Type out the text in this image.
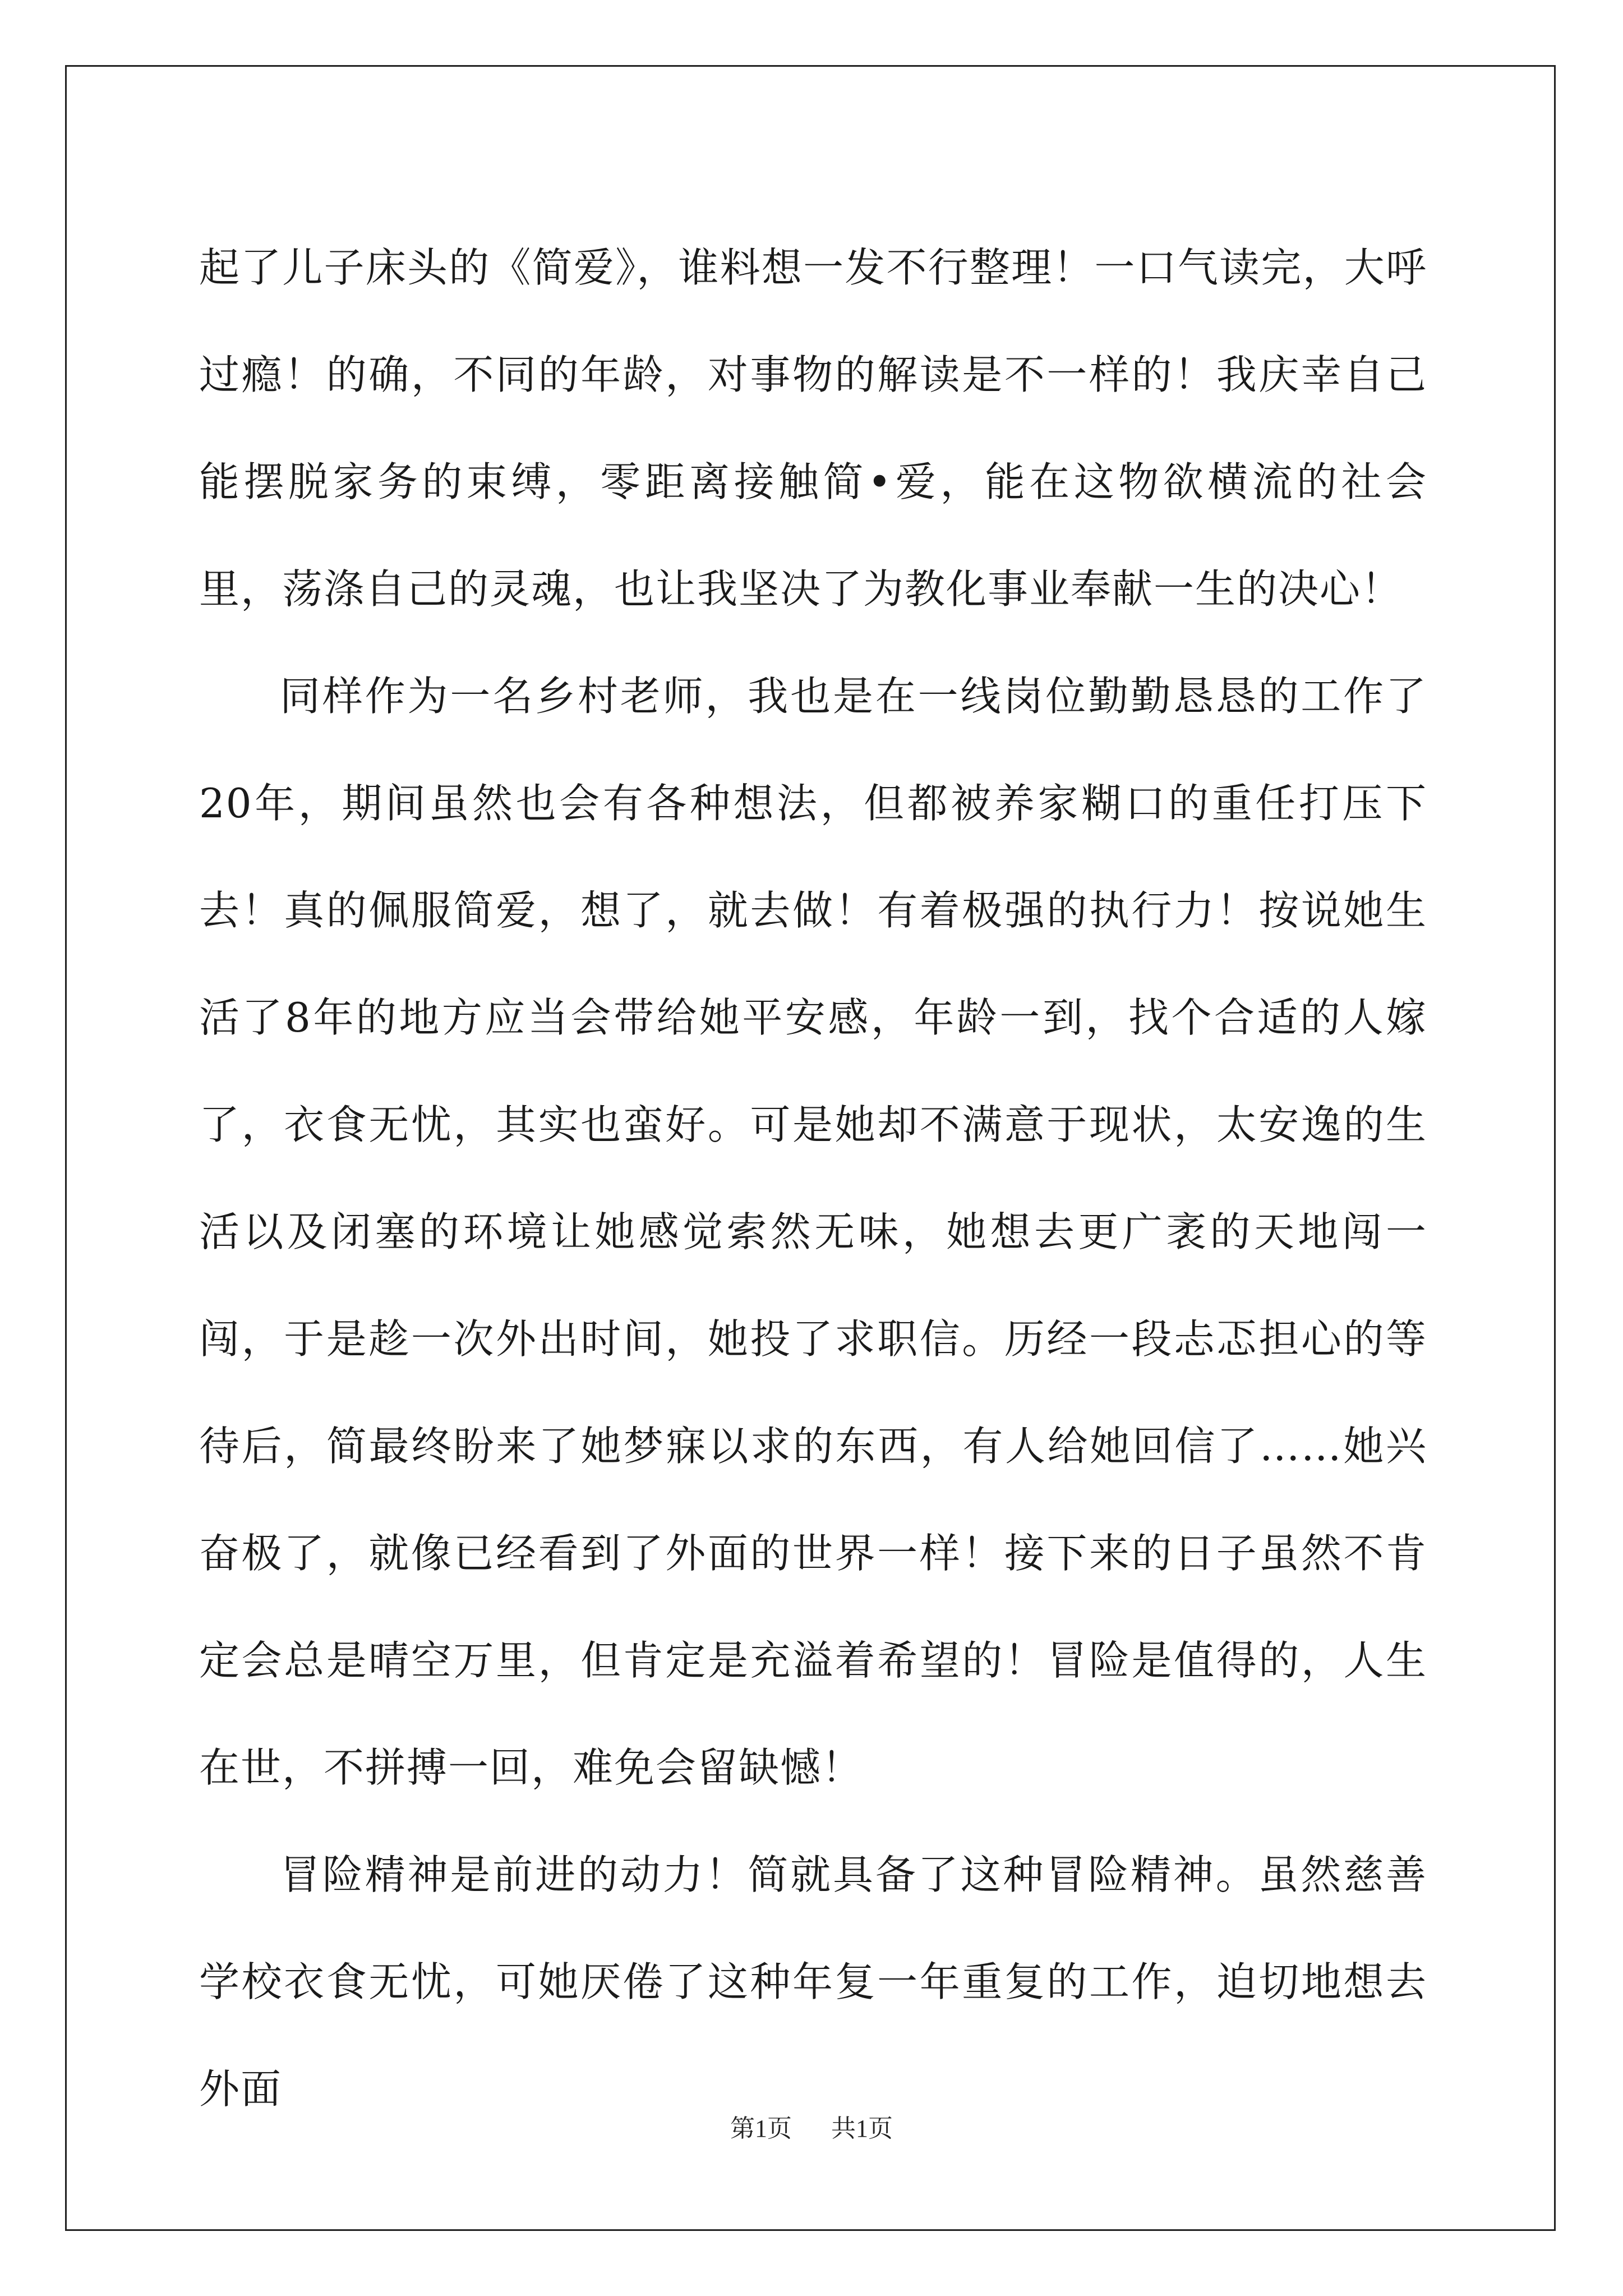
起了儿子床头的《简爱》，谁料想一发不行整理！一口气读完，大呼过瘾！的确，不同的年龄，对事物的解读是不一样的！我庆幸自己能摆脱家务的束缚，零距离接触简•爱，能在这物欲横流的社会里，荡涤自己的灵魂，也让我坚决了为教化事业奉献一生的决心！

同样作为一名乡村老师，我也是在一线岗位勤勤恳恳的工作了20年，期间虽然也会有各种想法，但都被养家糊口的重任打压下去！真的佩服简爱，想了，就去做！有着极强的执行力！按说她生活了8年的地方应当会带给她平安感，年龄一到，找个合适的人嫁了，衣食无忧，其实也蛮好。可是她却不满意于现状，太安逸的生活以及闭塞的环境让她感觉索然无味，她想去更广袤的天地闯一闯，于是趁一次外出时间，她投了求职信。历经一段忐忑担心的等待后，简最终盼来了她梦寐以求的东西，有人给她回信了……她兴奋极了，就像已经看到了外面的世界一样！接下来的日子虽然不肯定会总是晴空万里，但肯定是充溢着希望的！冒险是值得的，人生在世，不拼搏一回，难免会留缺憾！

冒险精神是前进的动力！简就具备了这种冒险精神。虽然慈善学校衣食无忧，可她厌倦了这种年复一年重复的工作，迫切地想去外面

第1页 共1页
